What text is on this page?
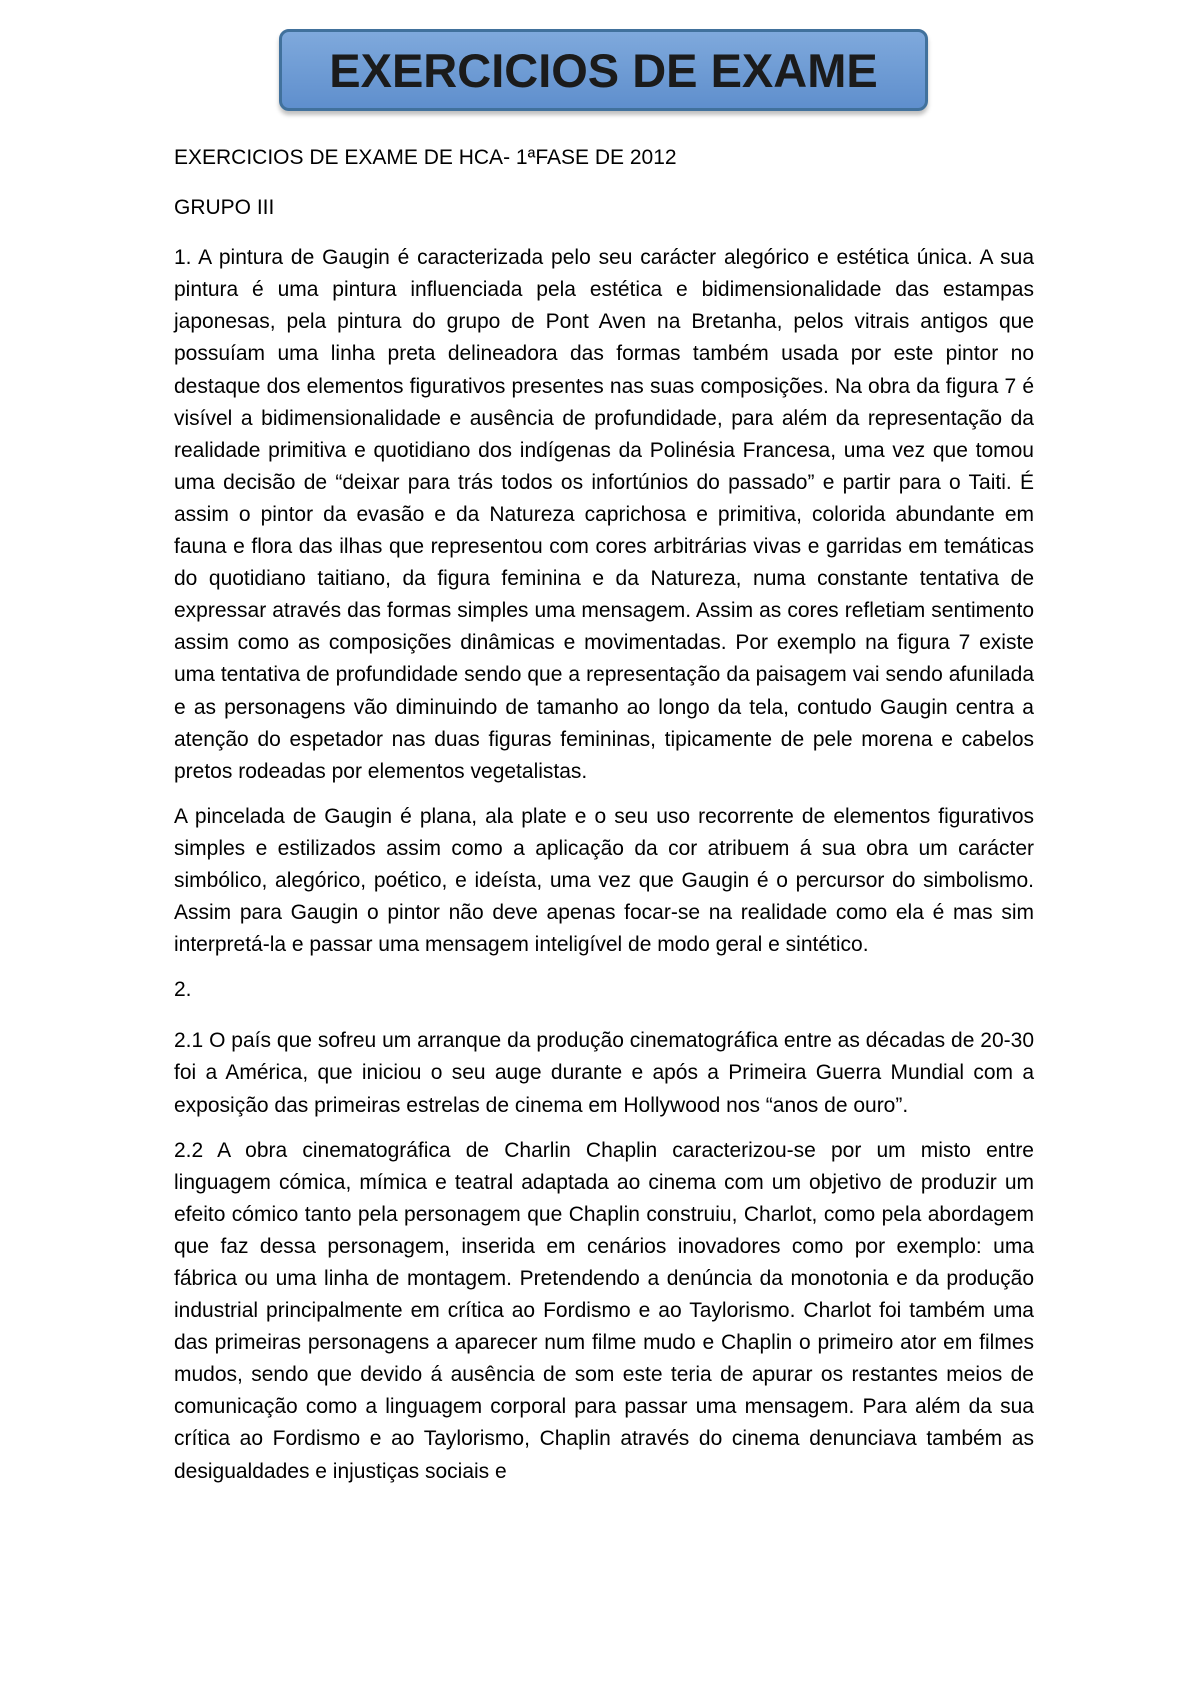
EXERCICIOS DE EXAME

EXERCICIOS DE EXAME DE HCA- 1ªFASE DE 2012

GRUPO III

1. A pintura de Gaugin é caracterizada pelo seu carácter alegórico e estética única. A sua pintura é uma pintura influenciada pela estética e bidimensionalidade das estampas japonesas, pela pintura do grupo de Pont Aven na Bretanha, pelos vitrais antigos que possuíam uma linha preta delineadora das formas também usada por este pintor no destaque dos elementos figurativos presentes nas suas composições. Na obra da figura 7 é visível a bidimensionalidade e ausência de profundidade, para além da representação da realidade primitiva e quotidiano dos indígenas da Polinésia Francesa, uma vez que tomou uma decisão de “deixar para trás todos os infortúnios do passado” e partir para o Taiti. É assim o pintor da evasão e da Natureza caprichosa e primitiva, colorida abundante em fauna e flora das ilhas que representou com cores arbitrárias vivas e garridas em temáticas do quotidiano taitiano, da figura feminina e da Natureza, numa constante tentativa de expressar através das formas simples uma mensagem. Assim as cores refletiam sentimento assim como as composições dinâmicas e movimentadas. Por exemplo na figura 7 existe uma tentativa de profundidade sendo que a representação da paisagem vai sendo afunilada e as personagens vão diminuindo de tamanho ao longo da tela, contudo Gaugin centra a atenção do espetador nas duas figuras femininas, tipicamente de pele morena e cabelos pretos rodeadas por elementos vegetalistas.

A pincelada de Gaugin é plana, ala plate e o seu uso recorrente de elementos figurativos simples e estilizados assim como a aplicação da cor atribuem á sua obra um carácter simbólico, alegórico, poético, e ideísta, uma vez que Gaugin é o percursor do simbolismo. Assim para Gaugin o pintor não deve apenas focar-se na realidade como ela é mas sim interpretá-la e passar uma mensagem inteligível de modo geral e sintético.

2.

2.1 O país que sofreu um arranque da produção cinematográfica entre as décadas de 20-30 foi a América, que iniciou o seu auge durante e após a Primeira Guerra Mundial com a exposição das primeiras estrelas de cinema em Hollywood nos “anos de ouro”.

2.2 A obra cinematográfica de Charlin Chaplin caracterizou-se por um misto entre linguagem cómica, mímica e teatral adaptada ao cinema com um objetivo de produzir um efeito cómico tanto pela personagem que Chaplin construiu, Charlot, como pela abordagem que faz dessa personagem, inserida em cenários inovadores como por exemplo: uma fábrica ou uma linha de montagem. Pretendendo a denúncia da monotonia e da produção industrial principalmente em crítica ao Fordismo e ao Taylorismo. Charlot foi também uma das primeiras personagens a aparecer num filme mudo e Chaplin o primeiro ator em filmes mudos, sendo que devido á ausência de som este teria de apurar os restantes meios de comunicação como a linguagem corporal para passar uma mensagem. Para além da sua crítica ao Fordismo e ao Taylorismo, Chaplin através do cinema denunciava também as desigualdades e injustiças sociais e
